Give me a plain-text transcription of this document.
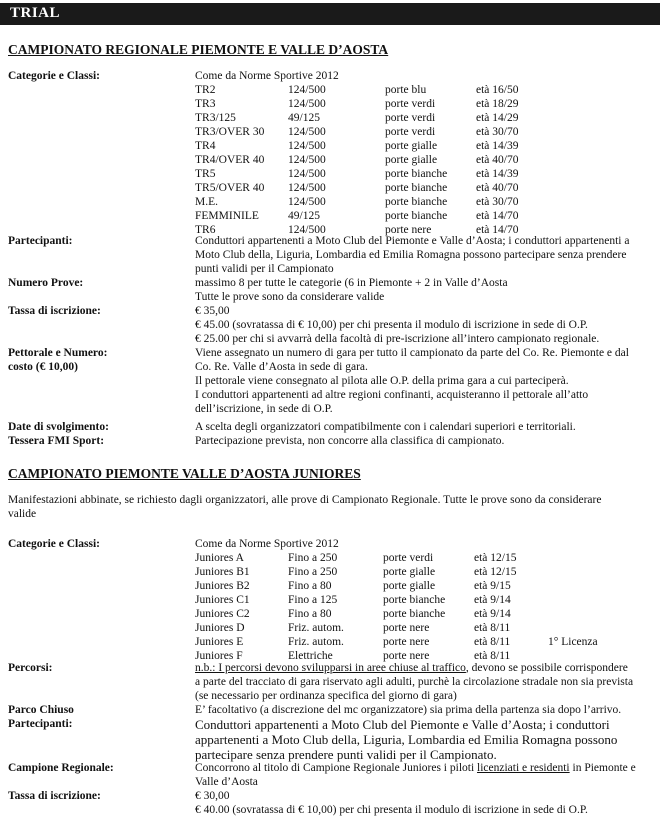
TRIAL
CAMPIONATO REGIONALE PIEMONTE E VALLE D’AOSTA
Categorie e Classi:	Come da Norme Sportive 2012
TR2	124/500	porte blu	età 16/50
TR3	124/500	porte verdi	età 18/29
TR3/125	49/125	porte verdi	età 14/29
TR3/OVER 30 124/500	porte verdi	età 30/70
TR4	124/500	porte gialle	età 14/39
TR4/OVER 40 124/500	porte gialle	età 40/70
TR5	124/500	porte bianche età 14/39
TR5/OVER 40 124/500	porte bianche età 40/70
M.E.	124/500	porte bianche età 30/70
FEMMINILE	49/125	porte bianche età 14/70
TR6	124/500	porte nere	età 14/70
Partecipanti:	Conduttori appartenenti a Moto Club del Piemonte e Valle d’Aosta; i conduttori appartenenti a
Moto Club della, Liguria, Lombardia ed Emilia Romagna possono partecipare senza prendere
punti validi per il Campionato
Numero Prove:	massimo 8 per tutte le categorie (6 in Piemonte + 2 in Valle d’Aosta
Tutte le prove sono da considerare valide
Tassa di iscrizione:	€ 35,00
€ 45.00 (sovratassa di € 10,00) per chi presenta il modulo di iscrizione in sede di O.P.
€ 25.00 per chi si avvarrà della facoltà di pre-iscrizione all’intero campionato regionale.
Pettorale e Numero:
costo (€ 10,00)
Viene assegnato un numero di gara per tutto il campionato da parte del Co. Re. Piemonte e dal
Co. Re. Valle d’Aosta in sede di gara.
Il pettorale viene consegnato al pilota alle O.P. della prima gara a cui parteciperà.
I conduttori appartenenti ad altre regioni confinanti, acquisteranno il pettorale all’atto
dell’iscrizione, in sede di O.P.
Date di svolgimento:	A scelta degli organizzatori compatibilmente con i calendari superiori e territoriali.
Tessera FMI Sport:	Partecipazione prevista, non concorre alla classifica di campionato.
CAMPIONATO PIEMONTE VALLE D’AOSTA JUNIORES
Manifestazioni abbinate, se richiesto dagli organizzatori, alle prove di Campionato Regionale. Tutte le prove sono da considerare
valide
Categorie e Classi:	Come da Norme Sportive 2012
Juniores A	Fino a 250	porte verdi	età 12/15
Juniores B1	Fino a 250	porte gialle	età 12/15
Juniores B2	Fino a 80	porte gialle	età 9/15
Juniores C1	Fino a 125	porte bianche età 9/14
Juniores C2	Fino a 80	porte bianche età 9/14
Juniores D	Friz. autom.	porte nere	età 8/11
Juniores E	Friz. autom.	porte nere	età 8/11	1° Licenza
Juniores F	Elettriche	porte nere	età 8/11
Percorsi:	n.b.: I percorsi devono svilupparsi in aree chiuse al traffico, devono se possibile corrispondere
a parte del tracciato di gara riservato agli adulti, purchè la circolazione stradale non sia prevista
(se necessario per ordinanza specifica del giorno di gara)
Parco Chiuso	E’ facoltativo (a discrezione del mc organizzatore) sia prima della partenza sia dopo l’arrivo.
Partecipanti:	Conduttori appartenenti a Moto Club del Piemonte e Valle d’Aosta; i conduttori
appartenenti a Moto Club della, Liguria, Lombardia ed Emilia Romagna possono
partecipare senza prendere punti validi per il Campionato.
Campione Regionale:	Concorrono al titolo di Campione Regionale Juniores i piloti licenziati e residenti in Piemonte e
Valle d’Aosta
Tassa di iscrizione:	€ 30,00
€ 40.00 (sovratassa di € 10,00) per chi presenta il modulo di iscrizione in sede di O.P.
